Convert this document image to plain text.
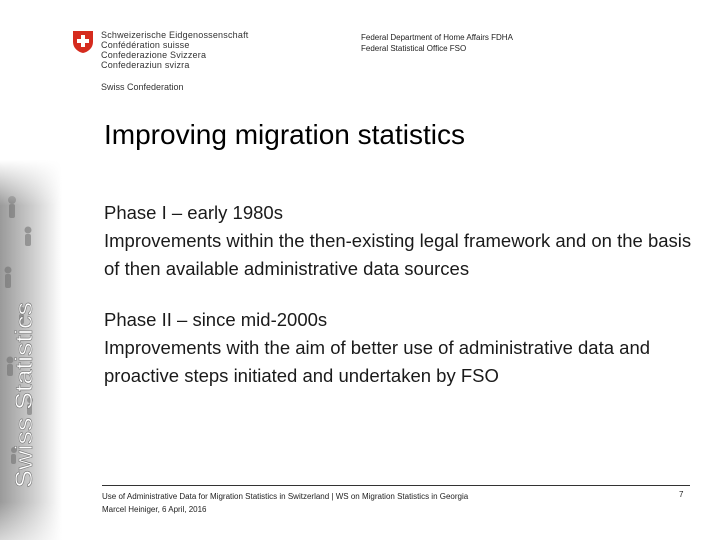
Schweizerische Eidgenossenschaft
Confédération suisse
Confederazione Svizzera
Confederaziun svizra
Swiss Confederation
Federal Department of Home Affairs FDHA
Federal Statistical Office FSO
Swiss Statistics
Improving migration statistics
Phase I – early 1980s
Improvements within the then-existing legal framework and on the basis of then available administrative data sources
Phase II – since mid-2000s
Improvements with the aim of better use of administrative data and proactive steps initiated and undertaken by FSO
Use of Administrative Data for Migration Statistics in Switzerland | WS on Migration Statistics in Georgia
Marcel Heiniger, 6 April, 2016
7
